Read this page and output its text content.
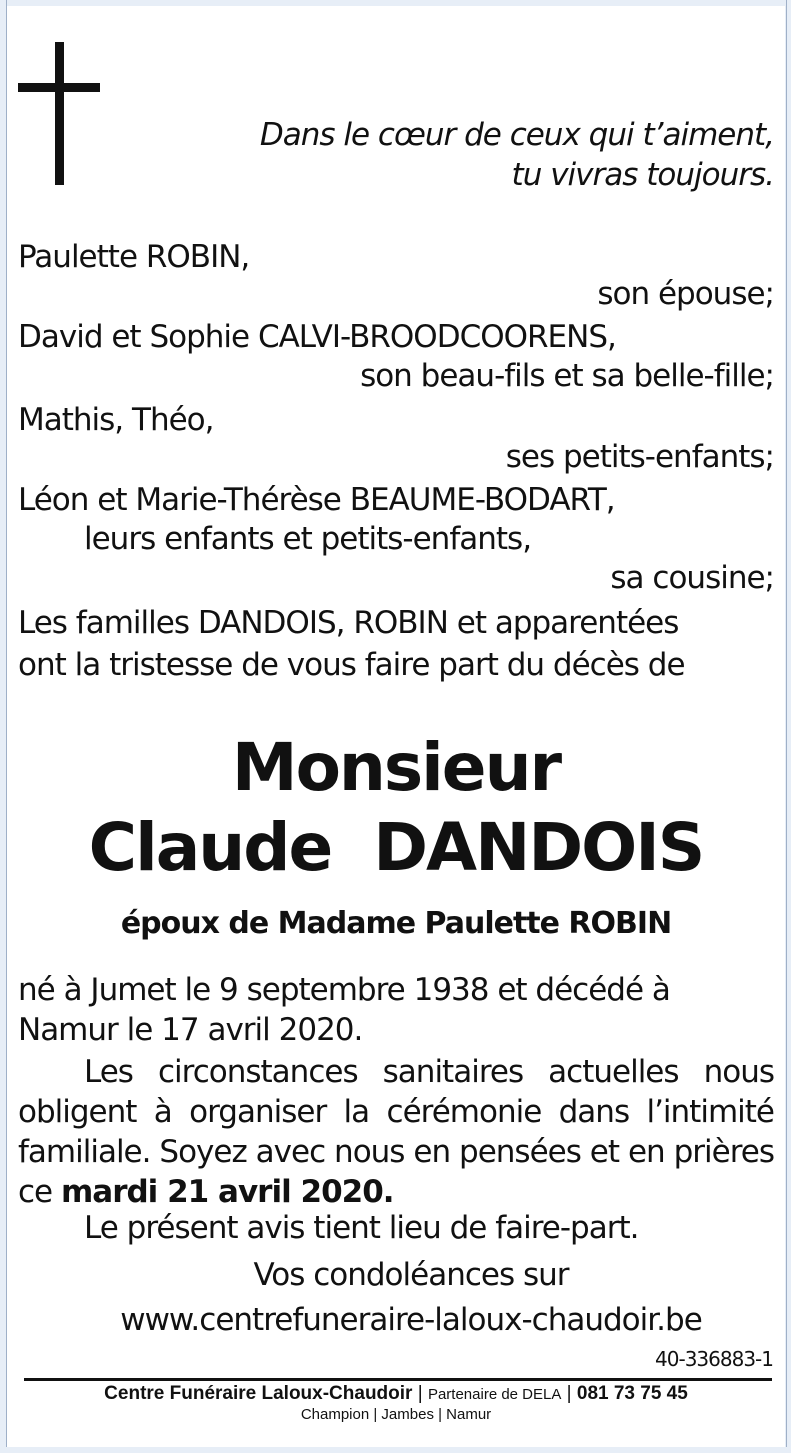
Dans le cœur de ceux qui t’aiment,
tu vivras toujours.
Paulette ROBIN,
son épouse;
David et Sophie CALVI-BROODCOORENS,
son beau-fils et sa belle-fille;
Mathis, Théo,
ses petits-enfants;
Léon et Marie-Thérèse BEAUME-BODART,
leurs enfants et petits-enfants,
sa cousine;
Les familles DANDOIS, ROBIN et apparentées
ont la tristesse de vous faire part du décès de
Monsieur
Claude  DANDOIS
époux de Madame Paulette ROBIN
né à Jumet le 9 septembre 1938 et décédé à Namur le 17 avril 2020.
Les circonstances sanitaires actuelles nous obligent à organiser la cérémonie dans l’intimité familiale. Soyez avec nous en pensées et en prières ce mardi 21 avril 2020.
Le présent avis tient lieu de faire-part.
Vos condoléances sur
www.centrefuneraire-laloux-chaudoir.be
40-336883-1
Centre Funéraire Laloux-Chaudoir | Partenaire de DELA | 081 73 75 45
Champion | Jambes | Namur
